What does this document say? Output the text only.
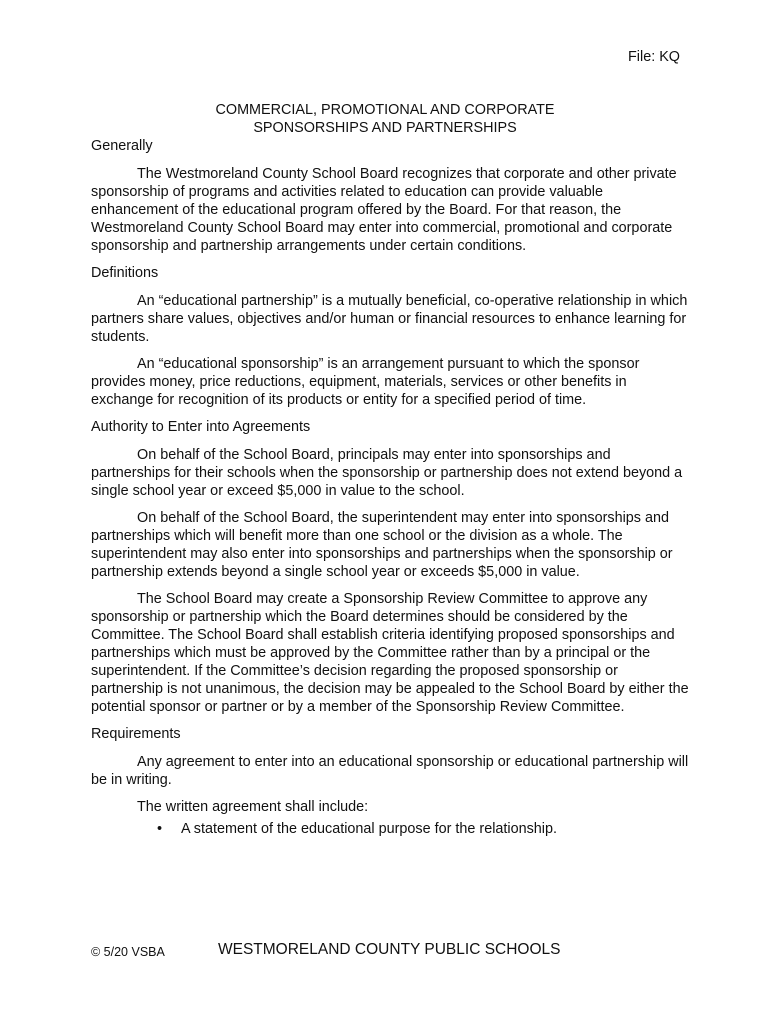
File: KQ
COMMERCIAL, PROMOTIONAL AND CORPORATE
SPONSORSHIPS AND PARTNERSHIPS
Generally

The Westmoreland County School Board recognizes that corporate and other private sponsorship of programs and activities related to education can provide valuable enhancement of the educational program offered by the Board. For that reason, the Westmoreland County School Board may enter into commercial, promotional and corporate sponsorship and partnership arrangements under certain conditions.

Definitions

An “educational partnership” is a mutually beneficial, co-operative relationship in which partners share values, objectives and/or human or financial resources to enhance learning for students.

An “educational sponsorship” is an arrangement pursuant to which the sponsor provides money, price reductions, equipment, materials, services or other benefits in exchange for recognition of its products or entity for a specified period of time.

Authority to Enter into Agreements

On behalf of the School Board, principals may enter into sponsorships and partnerships for their schools when the sponsorship or partnership does not extend beyond a single school year or exceed $5,000 in value to the school.

On behalf of the School Board, the superintendent may enter into sponsorships and partnerships which will benefit more than one school or the division as a whole. The superintendent may also enter into sponsorships and partnerships when the sponsorship or partnership extends beyond a single school year or exceeds $5,000 in value.

The School Board may create a Sponsorship Review Committee to approve any sponsorship or partnership which the Board determines should be considered by the Committee. The School Board shall establish criteria identifying proposed sponsorships and partnerships which must be approved by the Committee rather than by a principal or the superintendent. If the Committee’s decision regarding the proposed sponsorship or partnership is not unanimous, the decision may be appealed to the School Board by either the potential sponsor or partner or by a member of the Sponsorship Review Committee.

Requirements

Any agreement to enter into an educational sponsorship or educational partnership will be in writing.

The written agreement shall include:

• A statement of the educational purpose for the relationship.
© 5/20 VSBA	WESTMORELAND COUNTY PUBLIC SCHOOLS
